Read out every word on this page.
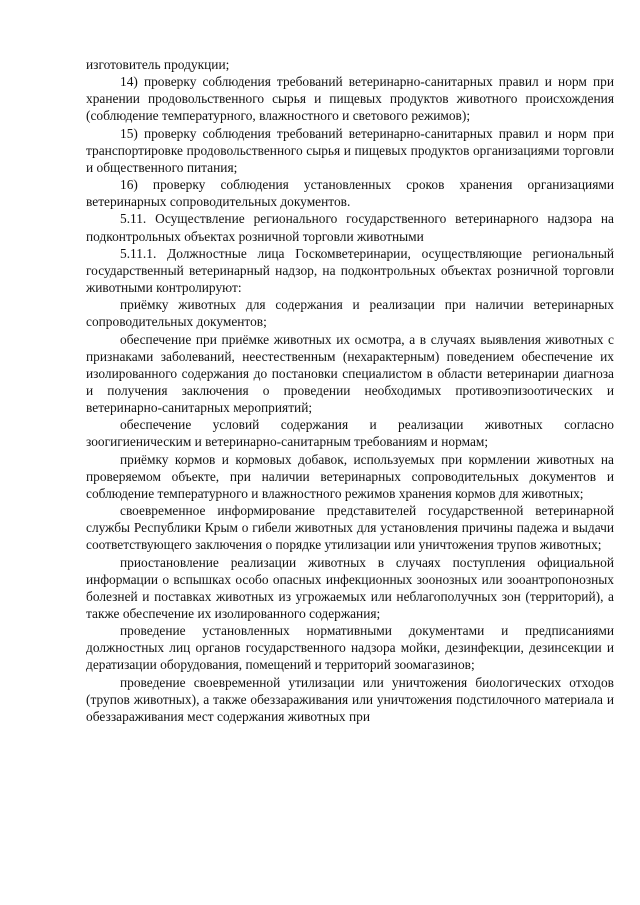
изготовитель продукции;

14) проверку соблюдения требований ветеринарно-санитарных правил и норм при хранении продовольственного сырья и пищевых продуктов животного происхождения (соблюдение температурного, влажностного и светового режимов);

15) проверку соблюдения требований ветеринарно-санитарных правил и норм при транспортировке продовольственного сырья и пищевых продуктов организациями торговли и общественного питания;

16) проверку соблюдения установленных сроков хранения организациями ветеринарных сопроводительных документов.

5.11. Осуществление регионального государственного ветеринарного надзора на подконтрольных объектах розничной торговли животными

5.11.1. Должностные лица Госкомветеринарии, осуществляющие региональный государственный ветеринарный надзор, на подконтрольных объектах розничной торговли животными контролируют:

приёмку животных для содержания и реализации при наличии ветеринарных сопроводительных документов;

обеспечение при приёмке животных их осмотра, а в случаях выявления животных с признаками заболеваний, неестественным (нехарактерным) поведением обеспечение их изолированного содержания до постановки специалистом в области ветеринарии диагноза и получения заключения о проведении необходимых противоэпизоотических и ветеринарно-санитарных мероприятий;

обеспечение условий содержания и реализации животных согласно зоогигиеническим и ветеринарно-санитарным требованиям и нормам;

приёмку кормов и кормовых добавок, используемых при кормлении животных на проверяемом объекте, при наличии ветеринарных сопроводительных документов и соблюдение температурного и влажностного режимов хранения кормов для животных;

своевременное информирование представителей государственной ветеринарной службы Республики Крым о гибели животных для установления причины падежа и выдачи соответствующего заключения о порядке утилизации или уничтожения трупов животных;

приостановление реализации животных в случаях поступления официальной информации о вспышках особо опасных инфекционных зоонозных или зооантропонозных болезней и поставках животных из угрожаемых или неблагополучных зон (территорий), а также обеспечение их изолированного содержания;

проведение установленных нормативными документами и предписаниями должностных лиц органов государственного надзора мойки, дезинфекции, дезинсекции и дератизации оборудования, помещений и территорий зоомагазинов;

проведение своевременной утилизации или уничтожения биологических отходов (трупов животных), а также обеззараживания или уничтожения подстилочного материала и обеззараживания мест содержания животных при
